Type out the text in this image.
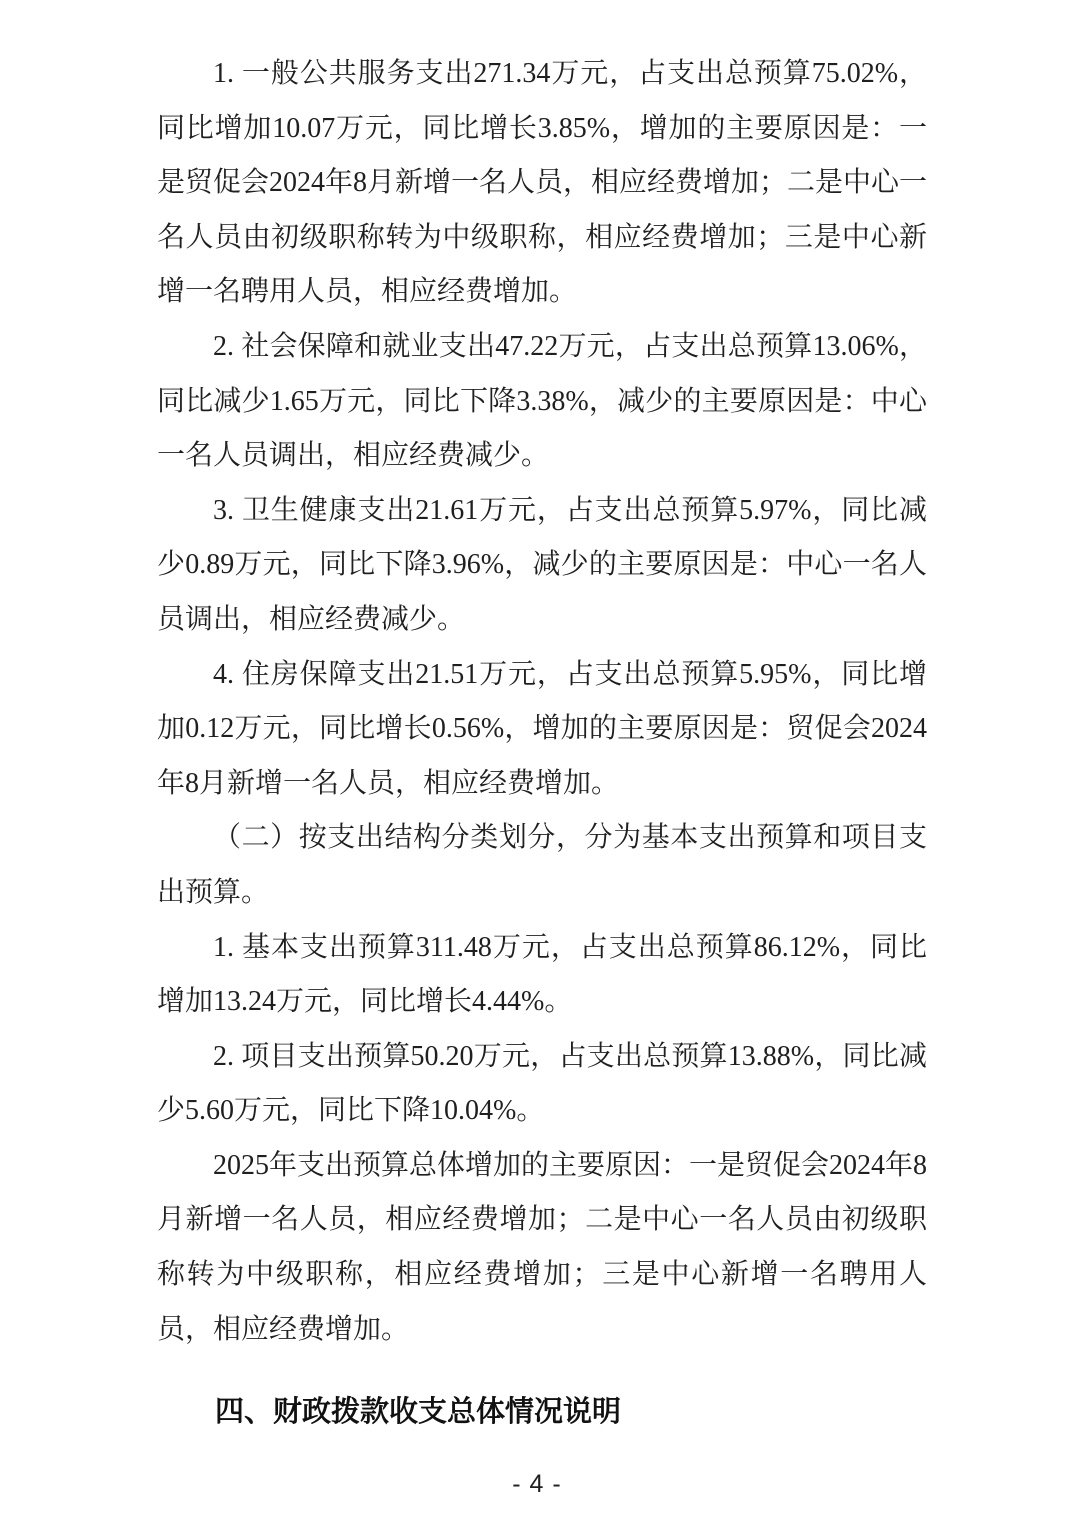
1. 一般公共服务支出271.34万元，占支出总预算75.02%，同比增加10.07万元，同比增长3.85%，增加的主要原因是：一是贸促会2024年8月新增一名人员，相应经费增加；二是中心一名人员由初级职称转为中级职称，相应经费增加；三是中心新增一名聘用人员，相应经费增加。

2. 社会保障和就业支出47.22万元，占支出总预算13.06%，同比减少1.65万元，同比下降3.38%，减少的主要原因是：中心一名人员调出，相应经费减少。

3. 卫生健康支出21.61万元，占支出总预算5.97%，同比减少0.89万元，同比下降3.96%，减少的主要原因是：中心一名人员调出，相应经费减少。

4. 住房保障支出21.51万元，占支出总预算5.95%，同比增加0.12万元，同比增长0.56%，增加的主要原因是：贸促会2024年8月新增一名人员，相应经费增加。

（二）按支出结构分类划分，分为基本支出预算和项目支出预算。

1. 基本支出预算311.48万元，占支出总预算86.12%，同比增加13.24万元，同比增长4.44%。

2. 项目支出预算50.20万元，占支出总预算13.88%，同比减少5.60万元，同比下降10.04%。

2025年支出预算总体增加的主要原因：一是贸促会2024年8月新增一名人员，相应经费增加；二是中心一名人员由初级职称转为中级职称，相应经费增加；三是中心新增一名聘用人员，相应经费增加。

四、财政拨款收支总体情况说明
- 4 -
